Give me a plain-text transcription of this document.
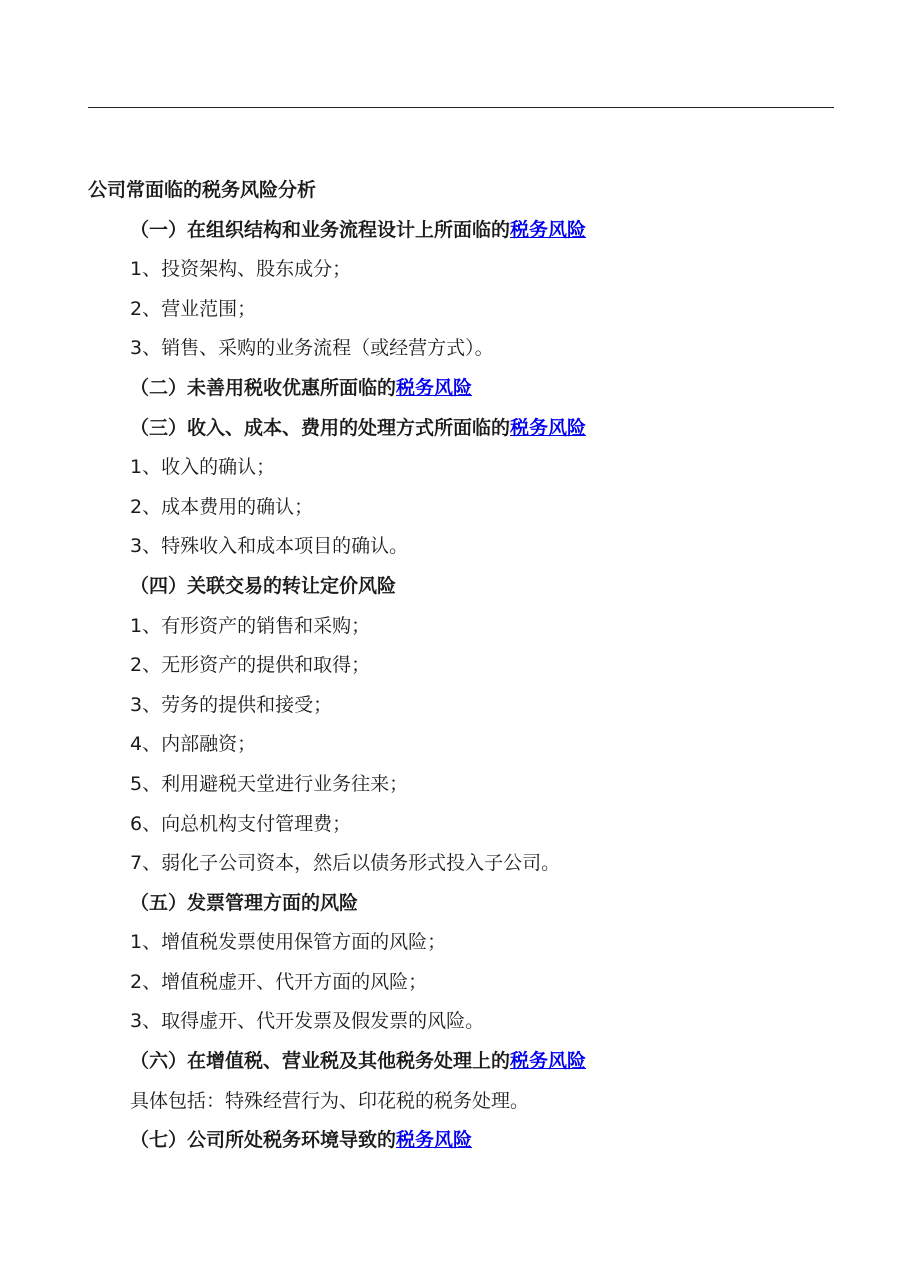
公司常面临的税务风险分析
（一）在组织结构和业务流程设计上所面临的税务风险
1、投资架构、股东成分；
2、营业范围；
3、销售、采购的业务流程（或经营方式）。
（二）未善用税收优惠所面临的税务风险
（三）收入、成本、费用的处理方式所面临的税务风险
1、收入的确认；
2、成本费用的确认；
3、特殊收入和成本项目的确认。
（四）关联交易的转让定价风险
1、有形资产的销售和采购；
2、无形资产的提供和取得；
3、劳务的提供和接受；
4、内部融资；
5、利用避税天堂进行业务往来；
6、向总机构支付管理费；
7、弱化子公司资本，然后以债务形式投入子公司。
（五）发票管理方面的风险
1、增值税发票使用保管方面的风险；
2、增值税虚开、代开方面的风险；
3、取得虚开、代开发票及假发票的风险。
（六）在增值税、营业税及其他税务处理上的税务风险
具体包括：特殊经营行为、印花税的税务处理。
（七）公司所处税务环境导致的税务风险
